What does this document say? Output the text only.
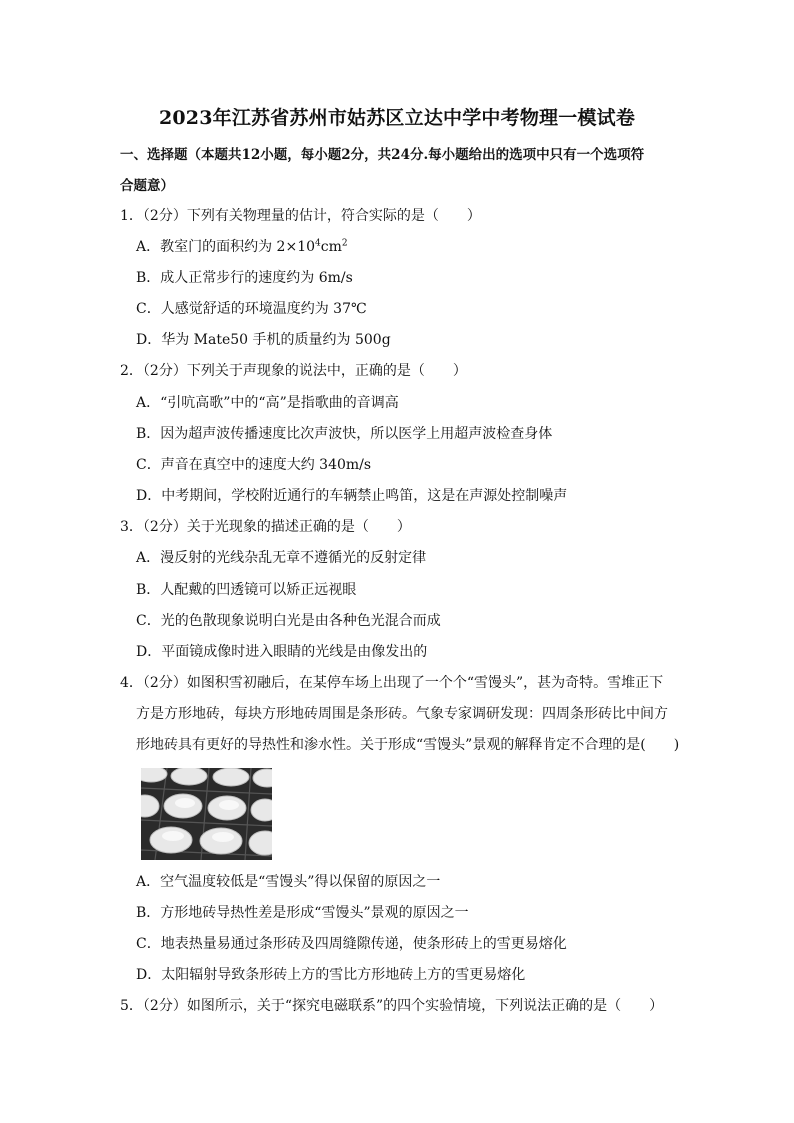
2023年江苏省苏州市姑苏区立达中学中考物理一模试卷
一、选择题（本题共12小题，每小题2分，共24分.每小题给出的选项中只有一个选项符
合题意）
1．（2分）下列有关物理量的估计，符合实际的是（　　）
A．教室门的面积约为 $2\times 10^4cm^2$
B．成人正常步行的速度约为 6m/s
C．人感觉舒适的环境温度约为 37℃
D．华为 Mate50 手机的质量约为 500g
2．（2分）下列关于声现象的说法中，正确的是（　　）
A．“引吭高歌”中的“高”是指歌曲的音调高
B．因为超声波传播速度比次声波快，所以医学上用超声波检查身体
C．声音在真空中的速度大约 340m/s
D．中考期间，学校附近通行的车辆禁止鸣笛，这是在声源处控制噪声
3．（2分）关于光现象的描述正确的是（　　）
A．漫反射的光线杂乱无章不遵循光的反射定律
B．人配戴的凹透镜可以矫正远视眼
C．光的色散现象说明白光是由各种色光混合而成
D．平面镜成像时进入眼睛的光线是由像发出的
4．（2分）如图积雪初融后，在某停车场上出现了一个个“雪馒头”，甚为奇特。雪堆正下
方是方形地砖，每块方形地砖周围是条形砖。气象专家调研发现：四周条形砖比中间方
形地砖具有更好的导热性和渗水性。关于形成“雪馒头”景观的解释肯定不合理的是(　　)
A．空气温度较低是“雪馒头”得以保留的原因之一
B．方形地砖导热性差是形成“雪馒头”景观的原因之一
C．地表热量易通过条形砖及四周缝隙传递，使条形砖上的雪更易熔化
D．太阳辐射导致条形砖上方的雪比方形地砖上方的雪更易熔化
5．（2分）如图所示，关于“探究电磁联系”的四个实验情境，下列说法正确的是（　　）
